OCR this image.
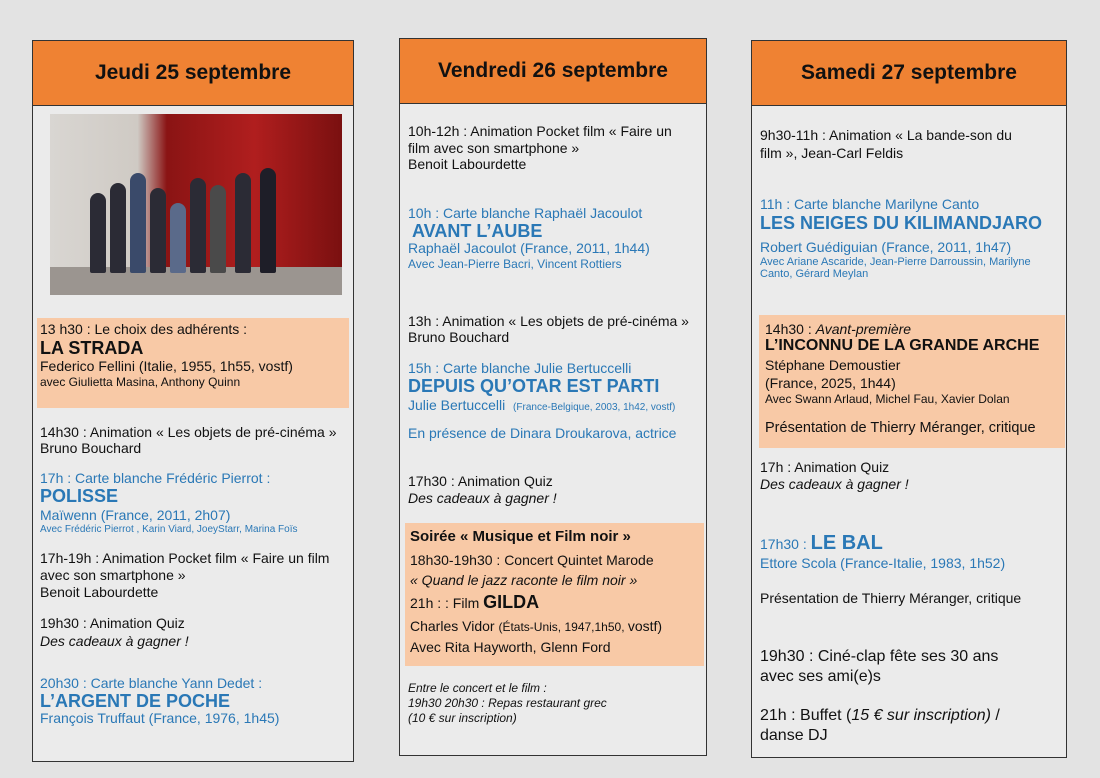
Jeudi 25 septembre
13 h30 : Le choix des adhérents :
LA STRADA
Federico Fellini (Italie, 1955, 1h55, vostf)
avec Giulietta Masina, Anthony Quinn
14h30 : Animation « Les objets de pré-cinéma »
Bruno Bouchard
17h : Carte blanche Frédéric Pierrot :
POLISSE
Maïwenn (France, 2011, 2h07)
Avec Frédéric Pierrot , Karin Viard, JoeyStarr, Marina Foïs
17h-19h : Animation Pocket film « Faire un film
avec son smartphone »
Benoit Labourdette
19h30 : Animation Quiz
Des cadeaux à gagner !
20h30 : Carte blanche Yann Dedet :
L’ARGENT DE POCHE
François Truffaut (France, 1976, 1h45)
Vendredi 26 septembre
10h-12h : Animation Pocket film « Faire un
film avec son smartphone »
Benoit Labourdette
10h : Carte blanche Raphaël Jacoulot
AVANT L’AUBE
Raphaël Jacoulot (France, 2011, 1h44)
Avec Jean-Pierre Bacri, Vincent Rottiers
13h : Animation « Les objets de pré-cinéma »
Bruno Bouchard
15h : Carte blanche Julie Bertuccelli
DEPUIS QU’OTAR EST PARTI
Julie Bertuccelli (France-Belgique, 2003, 1h42, vostf)
En présence de Dinara Droukarova, actrice
17h30 : Animation Quiz
Des cadeaux à gagner !
Soirée « Musique et Film noir »
18h30-19h30 : Concert Quintet Marode
« Quand le jazz raconte le film noir »
21h : : Film GILDA
Charles Vidor (États-Unis, 1947,1h50, vostf)
Avec Rita Hayworth, Glenn Ford
Entre le concert et le film :
19h30 20h30 : Repas restaurant grec
(10 € sur inscription)
Samedi 27 septembre
9h30-11h : Animation « La bande-son du
film », Jean-Carl Feldis
11h : Carte blanche Marilyne Canto
LES NEIGES DU KILIMANDJARO
Robert Guédiguian (France, 2011, 1h47)
Avec Ariane Ascaride, Jean-Pierre Darroussin, Marilyne
Canto, Gérard Meylan
14h30 : Avant-première
L’INCONNU DE LA GRANDE ARCHE
Stéphane Demoustier
(France, 2025, 1h44)
Avec Swann Arlaud, Michel Fau, Xavier Dolan
Présentation de Thierry Méranger, critique
17h : Animation Quiz
Des cadeaux à gagner !
17h30 : LE BAL
Ettore Scola (France-Italie, 1983, 1h52)
Présentation de Thierry Méranger, critique
19h30 : Ciné-clap fête ses 30 ans
avec ses ami(e)s
21h : Buffet (15 € sur inscription) /
danse DJ
